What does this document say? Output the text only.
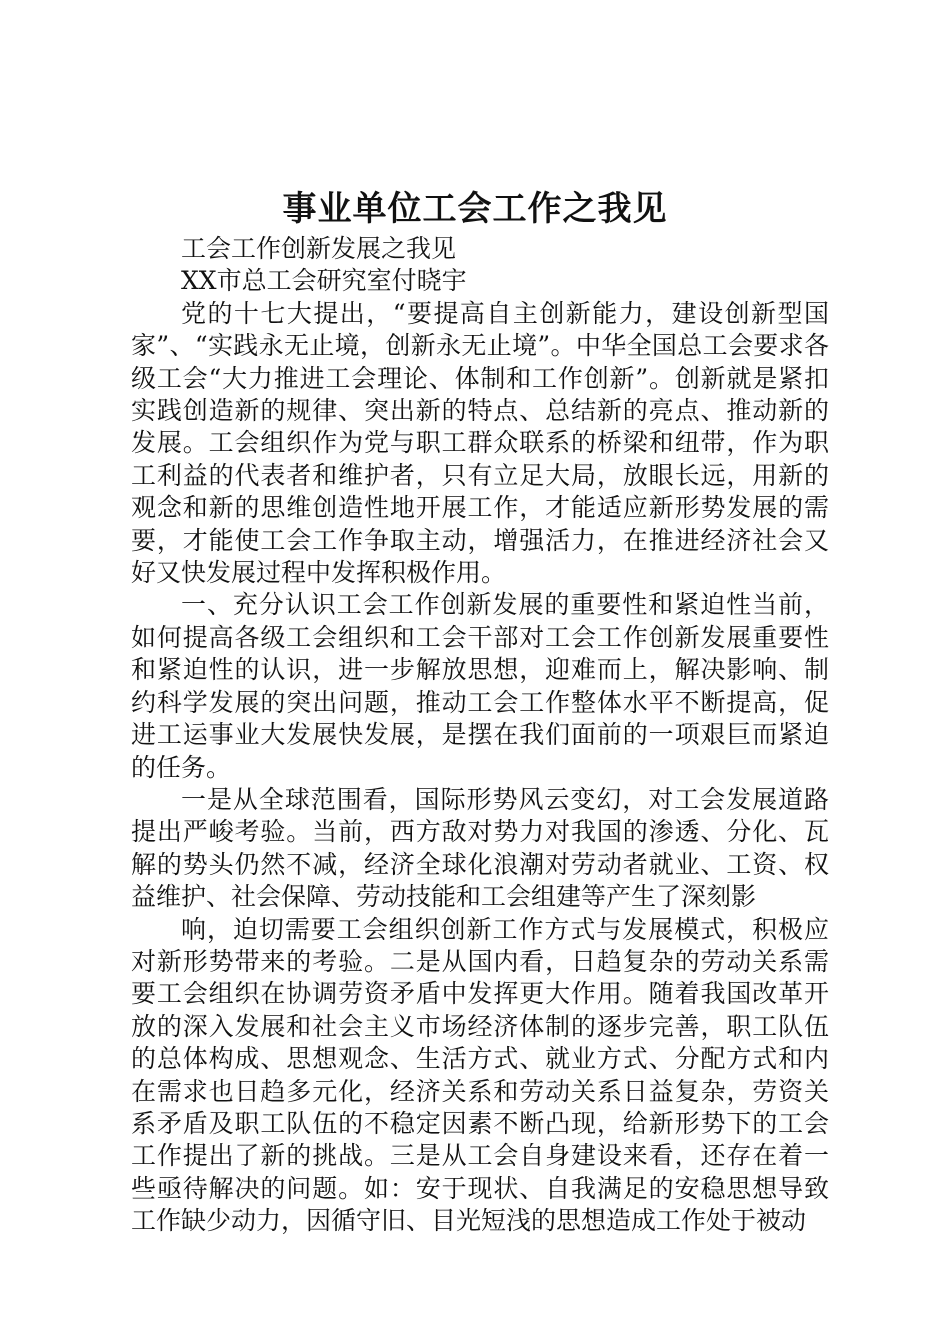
事业单位工会工作之我见

工会工作创新发展之我见

XX市总工会研究室付晓宇

党的十七大提出，“要提高自主创新能力，建设创新型国家”、“实践永无止境，创新永无止境”。中华全国总工会要求各级工会“大力推进工会理论、体制和工作创新”。创新就是紧扣实践创造新的规律、突出新的特点、总结新的亮点、推动新的发展。工会组织作为党与职工群众联系的桥梁和纽带，作为职工利益的代表者和维护者，只有立足大局，放眼长远，用新的观念和新的思维创造性地开展工作，才能适应新形势发展的需要，才能使工会工作争取主动，增强活力，在推进经济社会又好又快发展过程中发挥积极作用。

一、充分认识工会工作创新发展的重要性和紧迫性当前，如何提高各级工会组织和工会干部对工会工作创新发展重要性和紧迫性的认识，进一步解放思想，迎难而上，解决影响、制约科学发展的突出问题，推动工会工作整体水平不断提高，促进工运事业大发展快发展，是摆在我们面前的一项艰巨而紧迫的任务。

一是从全球范围看，国际形势风云变幻，对工会发展道路提出严峻考验。当前，西方敌对势力对我国的渗透、分化、瓦解的势头仍然不减，经济全球化浪潮对劳动者就业、工资、权益维护、社会保障、劳动技能和工会组建等产生了深刻影

响，迫切需要工会组织创新工作方式与发展模式，积极应对新形势带来的考验。二是从国内看，日趋复杂的劳动关系需要工会组织在协调劳资矛盾中发挥更大作用。随着我国改革开放的深入发展和社会主义市场经济体制的逐步完善，职工队伍的总体构成、思想观念、生活方式、就业方式、分配方式和内在需求也日趋多元化，经济关系和劳动关系日益复杂，劳资关系矛盾及职工队伍的不稳定因素不断凸现，给新形势下的工会工作提出了新的挑战。三是从工会自身建设来看，还存在着一些亟待解决的问题。如：安于现状、自我满足的安稳思想导致工作缺少动力，因循守旧、目光短浅的思想造成工作处于被动
